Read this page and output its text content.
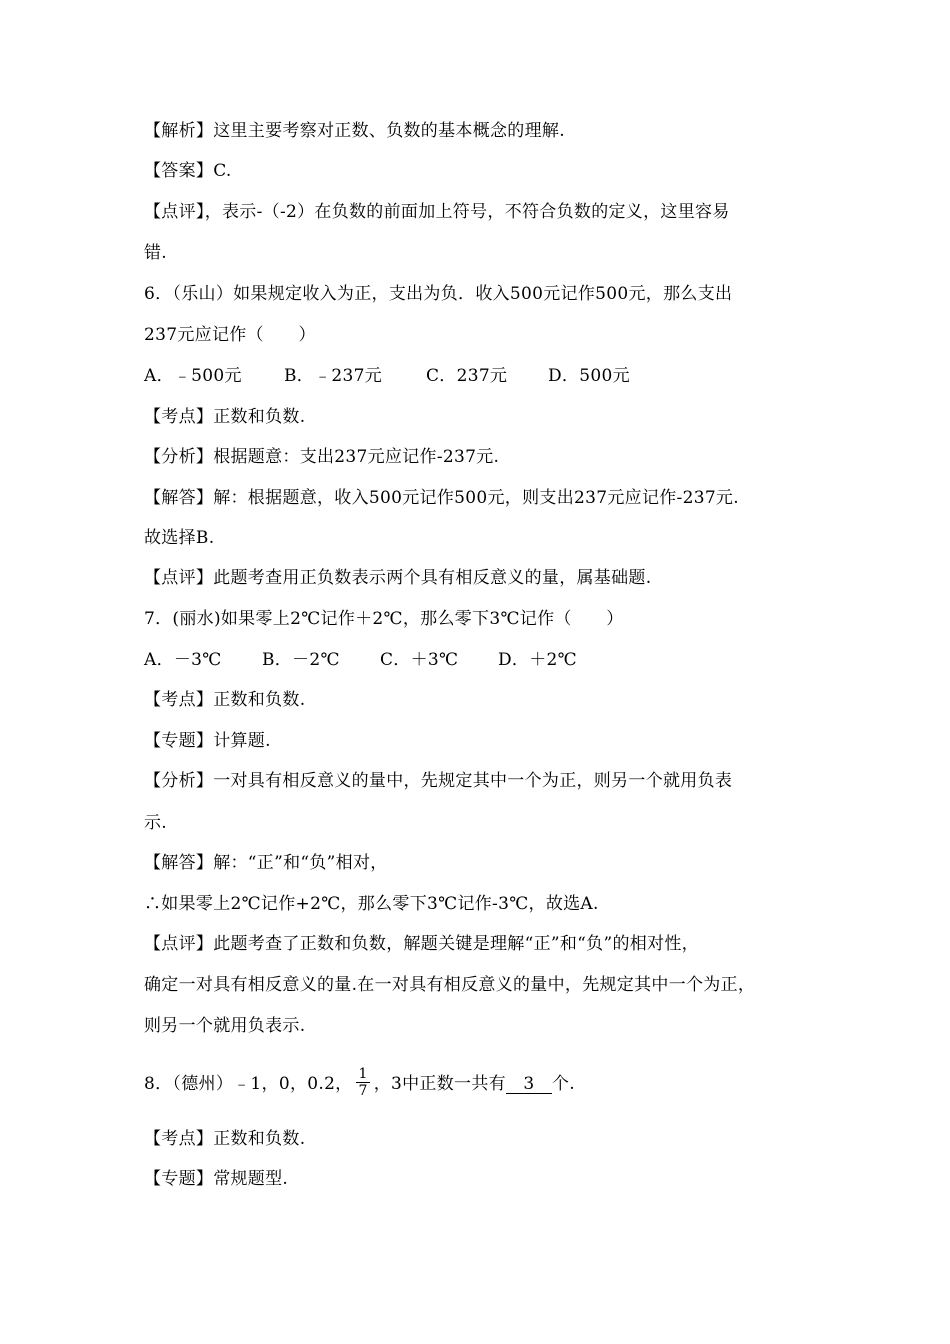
【解析】这里主要考察对正数、负数的基本概念的理解.
【答案】C.
【点评】，表示-（-2）在负数的前面加上符号，不符合负数的定义，这里容易
错.
6．（乐山）如果规定收入为正，支出为负．收入500元记作500元，那么支出
237元应记作（　　）
A．﹣500元 B．﹣237元	C．237元 D．500元
【考点】正数和负数.
【分析】根据题意：支出237元应记作-237元.
【解答】解：根据题意，收入500元记作500元，则支出237元应记作-237元.
故选择B.
【点评】此题考查用正负数表示两个具有相反意义的量，属基础题.
7．(丽水)如果零上2℃记作＋2℃，那么零下3℃记作（　　）
A．－3℃ B．－2℃ C．＋3℃ D．＋2℃
【考点】正数和负数.
【专题】计算题.
【分析】一对具有相反意义的量中，先规定其中一个为正，则另一个就用负表
示.
【解答】解：“正”和“负”相对，
∴如果零上2℃记作+2℃，那么零下3℃记作-3℃，故选A.
【点评】此题考查了正数和负数，解题关键是理解“正”和“负”的相对性，
确定一对具有相反意义的量.在一对具有相反意义的量中，先规定其中一个为正，
则另一个就用负表示.
8．（德州）﹣1，0，0.2， $\frac{1}{7}$ ，3中正数一共有 3 个.
【考点】正数和负数.
【专题】常规题型.
